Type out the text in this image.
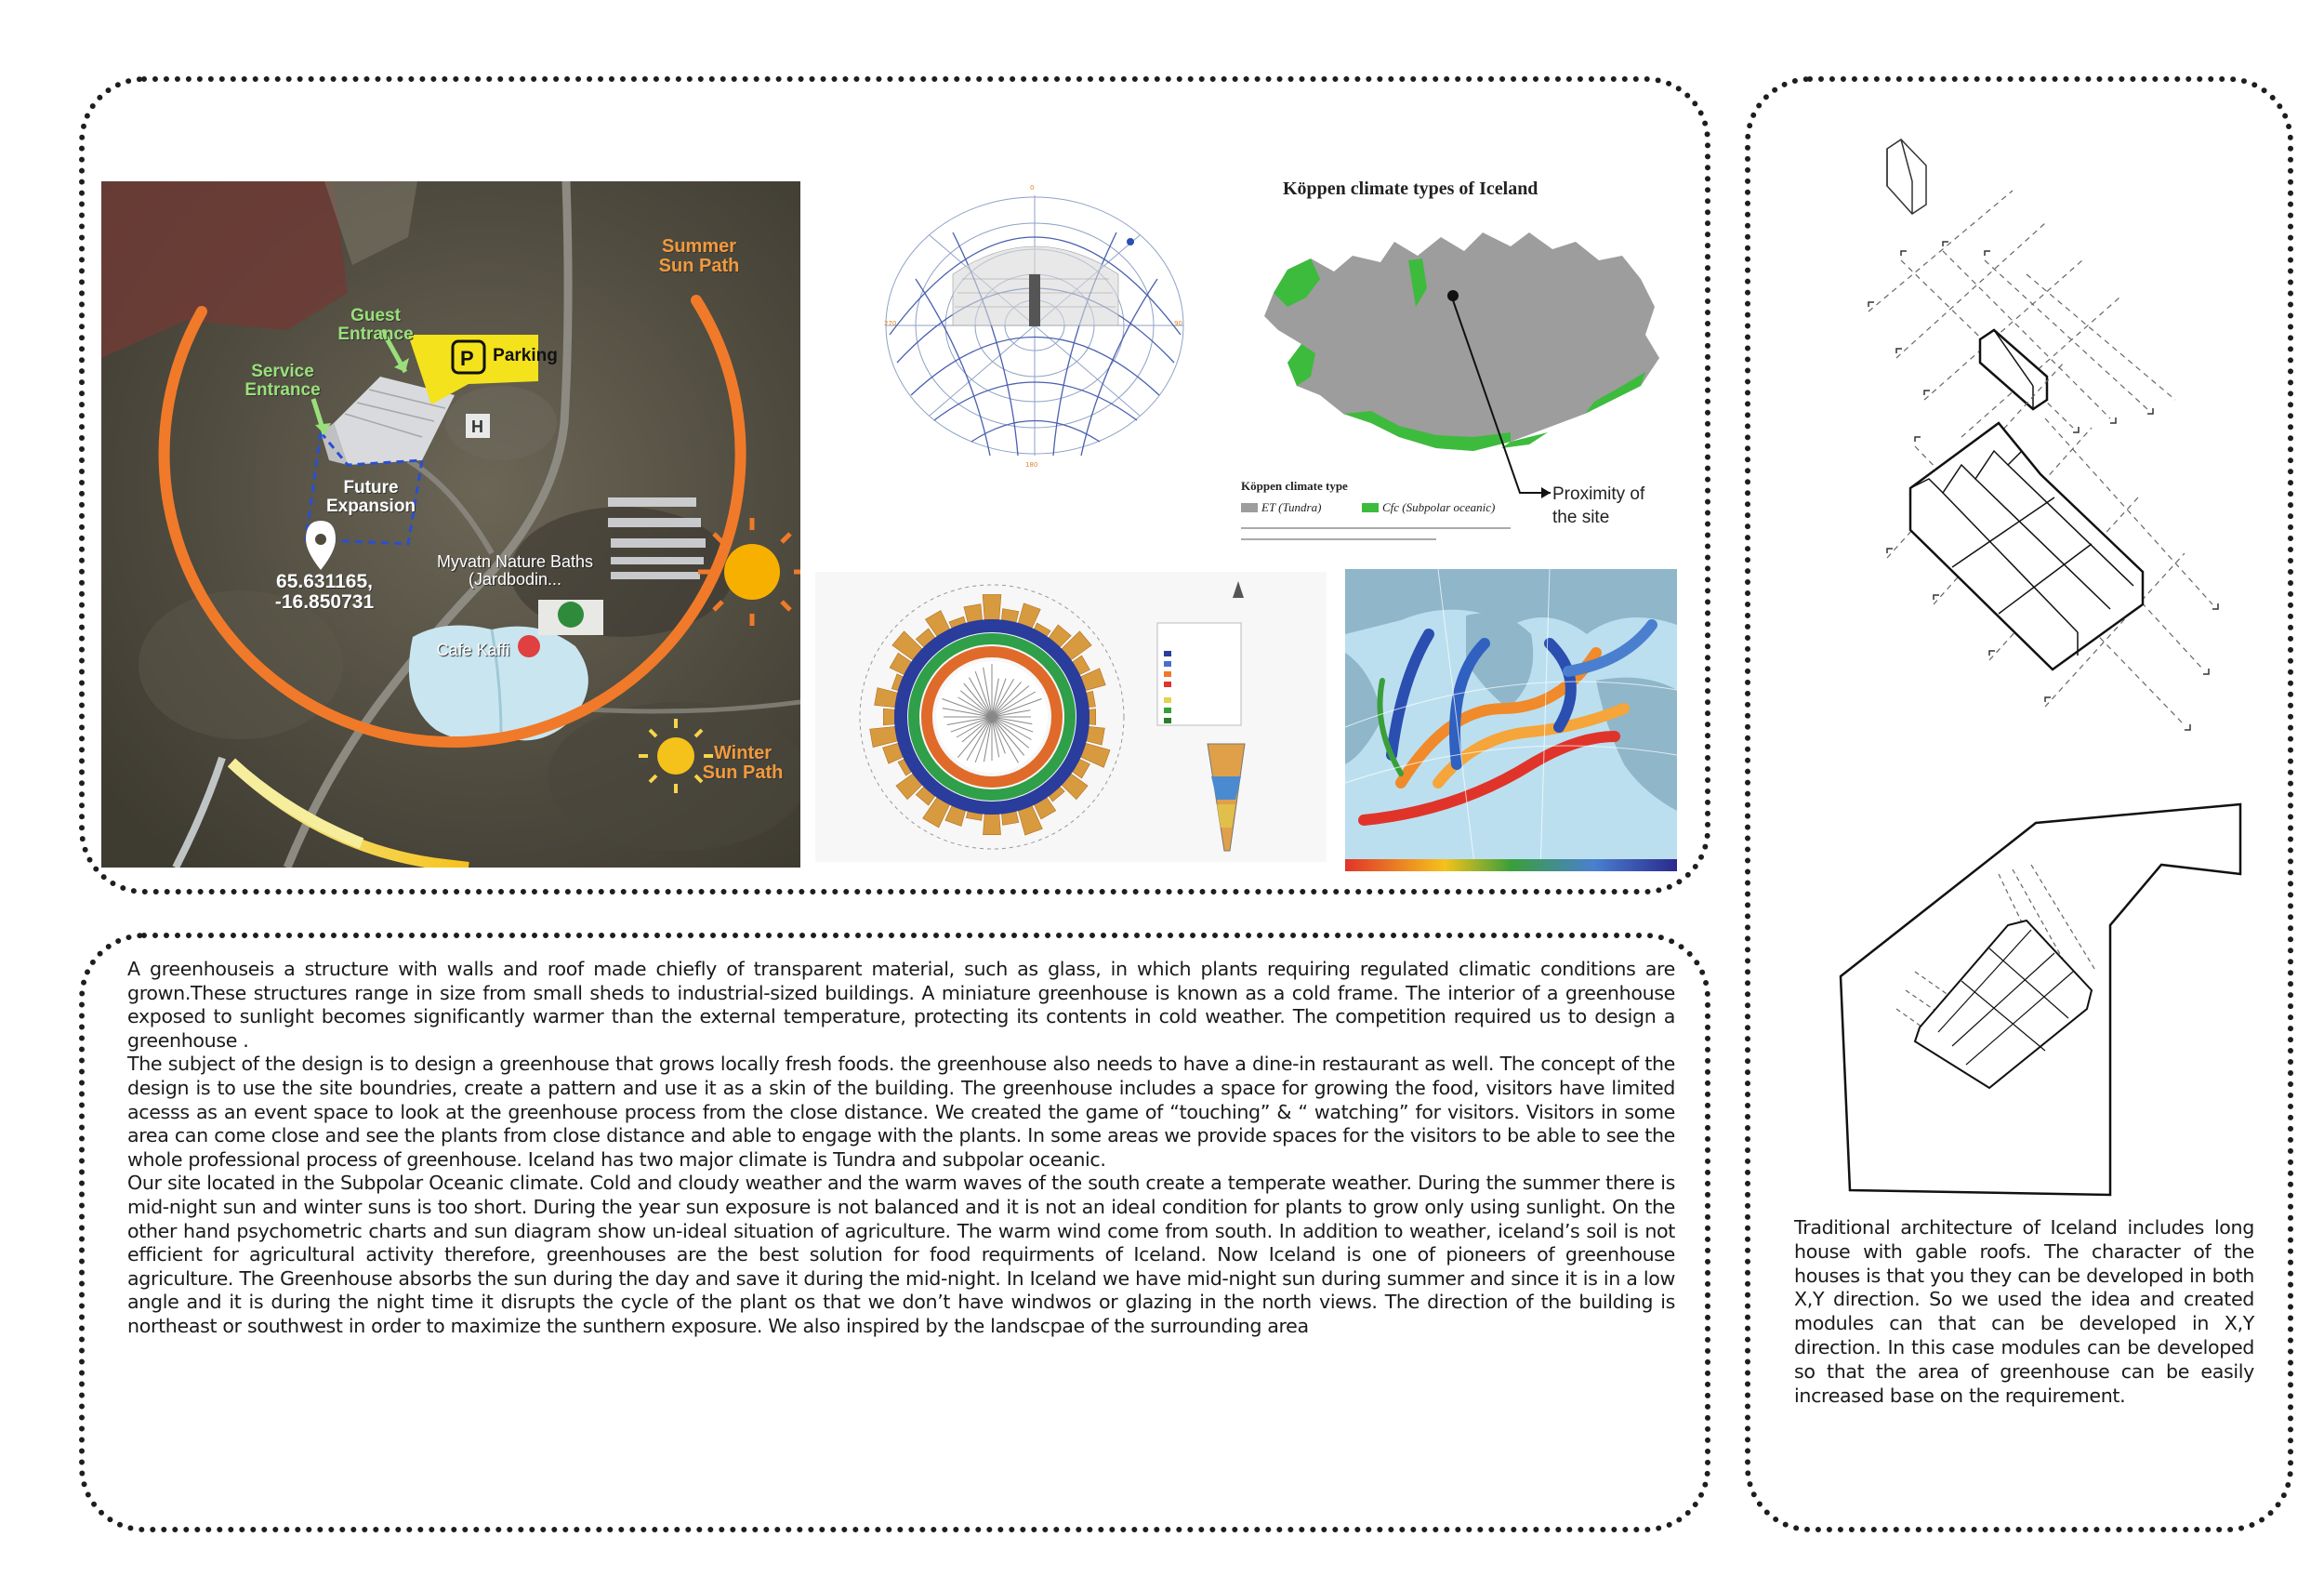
P
H
Summer
Sun Path
Winter
Sun Path
Guest
Entrance
Service
Entrance
Parking
Future
Expansion
65.631165,
-16.850731
Myvatn Nature Baths
(Jardbodin...
Cafe Kaffi
270	90
0
180
Köppen climate types of Iceland
Köppen climate type
ET (Tundra)	Cfc (Subpolar oceanic)
Proximity of
the site

A greenhouseis a structure with walls and roof made chiefly of transparent material, such as glass, in which plants requiring regulated climatic conditions are grown.These structures range in size from small sheds to industrial-sized buildings. A miniature greenhouse is known as a cold frame. The interior of a greenhouse exposed to sunlight becomes significantly warmer than the external temperature, protecting its contents in cold weather. The competition required us to design a greenhouse .

The subject of the design is to design a greenhouse that grows locally fresh foods. the greenhouse also needs to have a dine-in restaurant as well. The concept of the design is to use the site boundries, create a pattern and use it as a skin of the building. The greenhouse includes a space for growing the food, visitors have limited acesss as an event space to look at the greenhouse process from the close distance. We created the game of “touching” & “ watching” for visitors. Visitors in some area can come close and see the plants from close distance and able to engage with the plants. In some areas we provide spaces for the visitors to be able to see the whole professional process of greenhouse. Iceland has two major climate is Tundra and subpolar oceanic.

Our site located in the Subpolar Oceanic climate. Cold and cloudy weather and the warm waves of the south create a temperate weather. During the summer there is mid-night sun and winter suns is too short. During the year sun exposure is not balanced and it is not an ideal condition for plants to grow only using sunlight. On the other hand psychometric charts and sun diagram show un-ideal situation of agriculture. The warm wind come from south. In addition to weather, iceland’s soil is not efficient for agricultural activity therefore, greenhouses are the best solution for food requirments of Iceland. Now Iceland is one of pioneers of greenhouse agriculture. The Greenhouse absorbs the sun during the day and save it during the mid-night. In Iceland we have mid-night sun during summer and since it is in a low angle and it is during the night time it disrupts the cycle of the plant os that we don’t have windwos or glazing in the north views. The direction of the building is northeast or southwest in order to maximize the sunthern exposure. We also inspired by the landscpae of the surrounding area

Traditional architecture of Iceland includes long house with gable roofs. The character of the houses is that you they can be developed in both X,Y direction. So we used the idea and created modules can that can be developed in X,Y direction. In this case modules can be developed so that the area of greenhouse can be easily increased base on the requirement.
